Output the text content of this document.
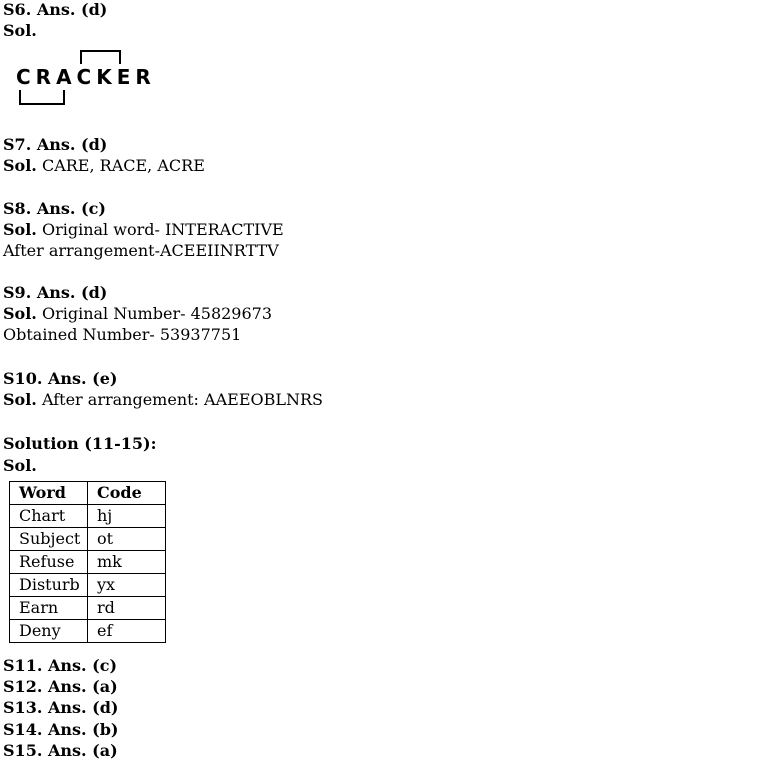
S6. Ans. (d)
Sol.
CRACKER
S7. Ans. (d)
Sol. CARE, RACE, ACRE
S8. Ans. (c)
Sol. Original word- INTERACTIVE
After arrangement-ACEEIINRTTV
S9. Ans. (d)
Sol. Original Number- 45829673
Obtained Number- 53937751
S10. Ans. (e)
Sol. After arrangement: AAEEOBLNRS
Solution (11-15):
Sol.
Word	Code
Chart	hj
Subject	ot
Refuse	mk
Disturb	yx
Earn	rd
Deny	ef
S11. Ans. (c)
S12. Ans. (a)
S13. Ans. (d)
S14. Ans. (b)
S15. Ans. (a)
